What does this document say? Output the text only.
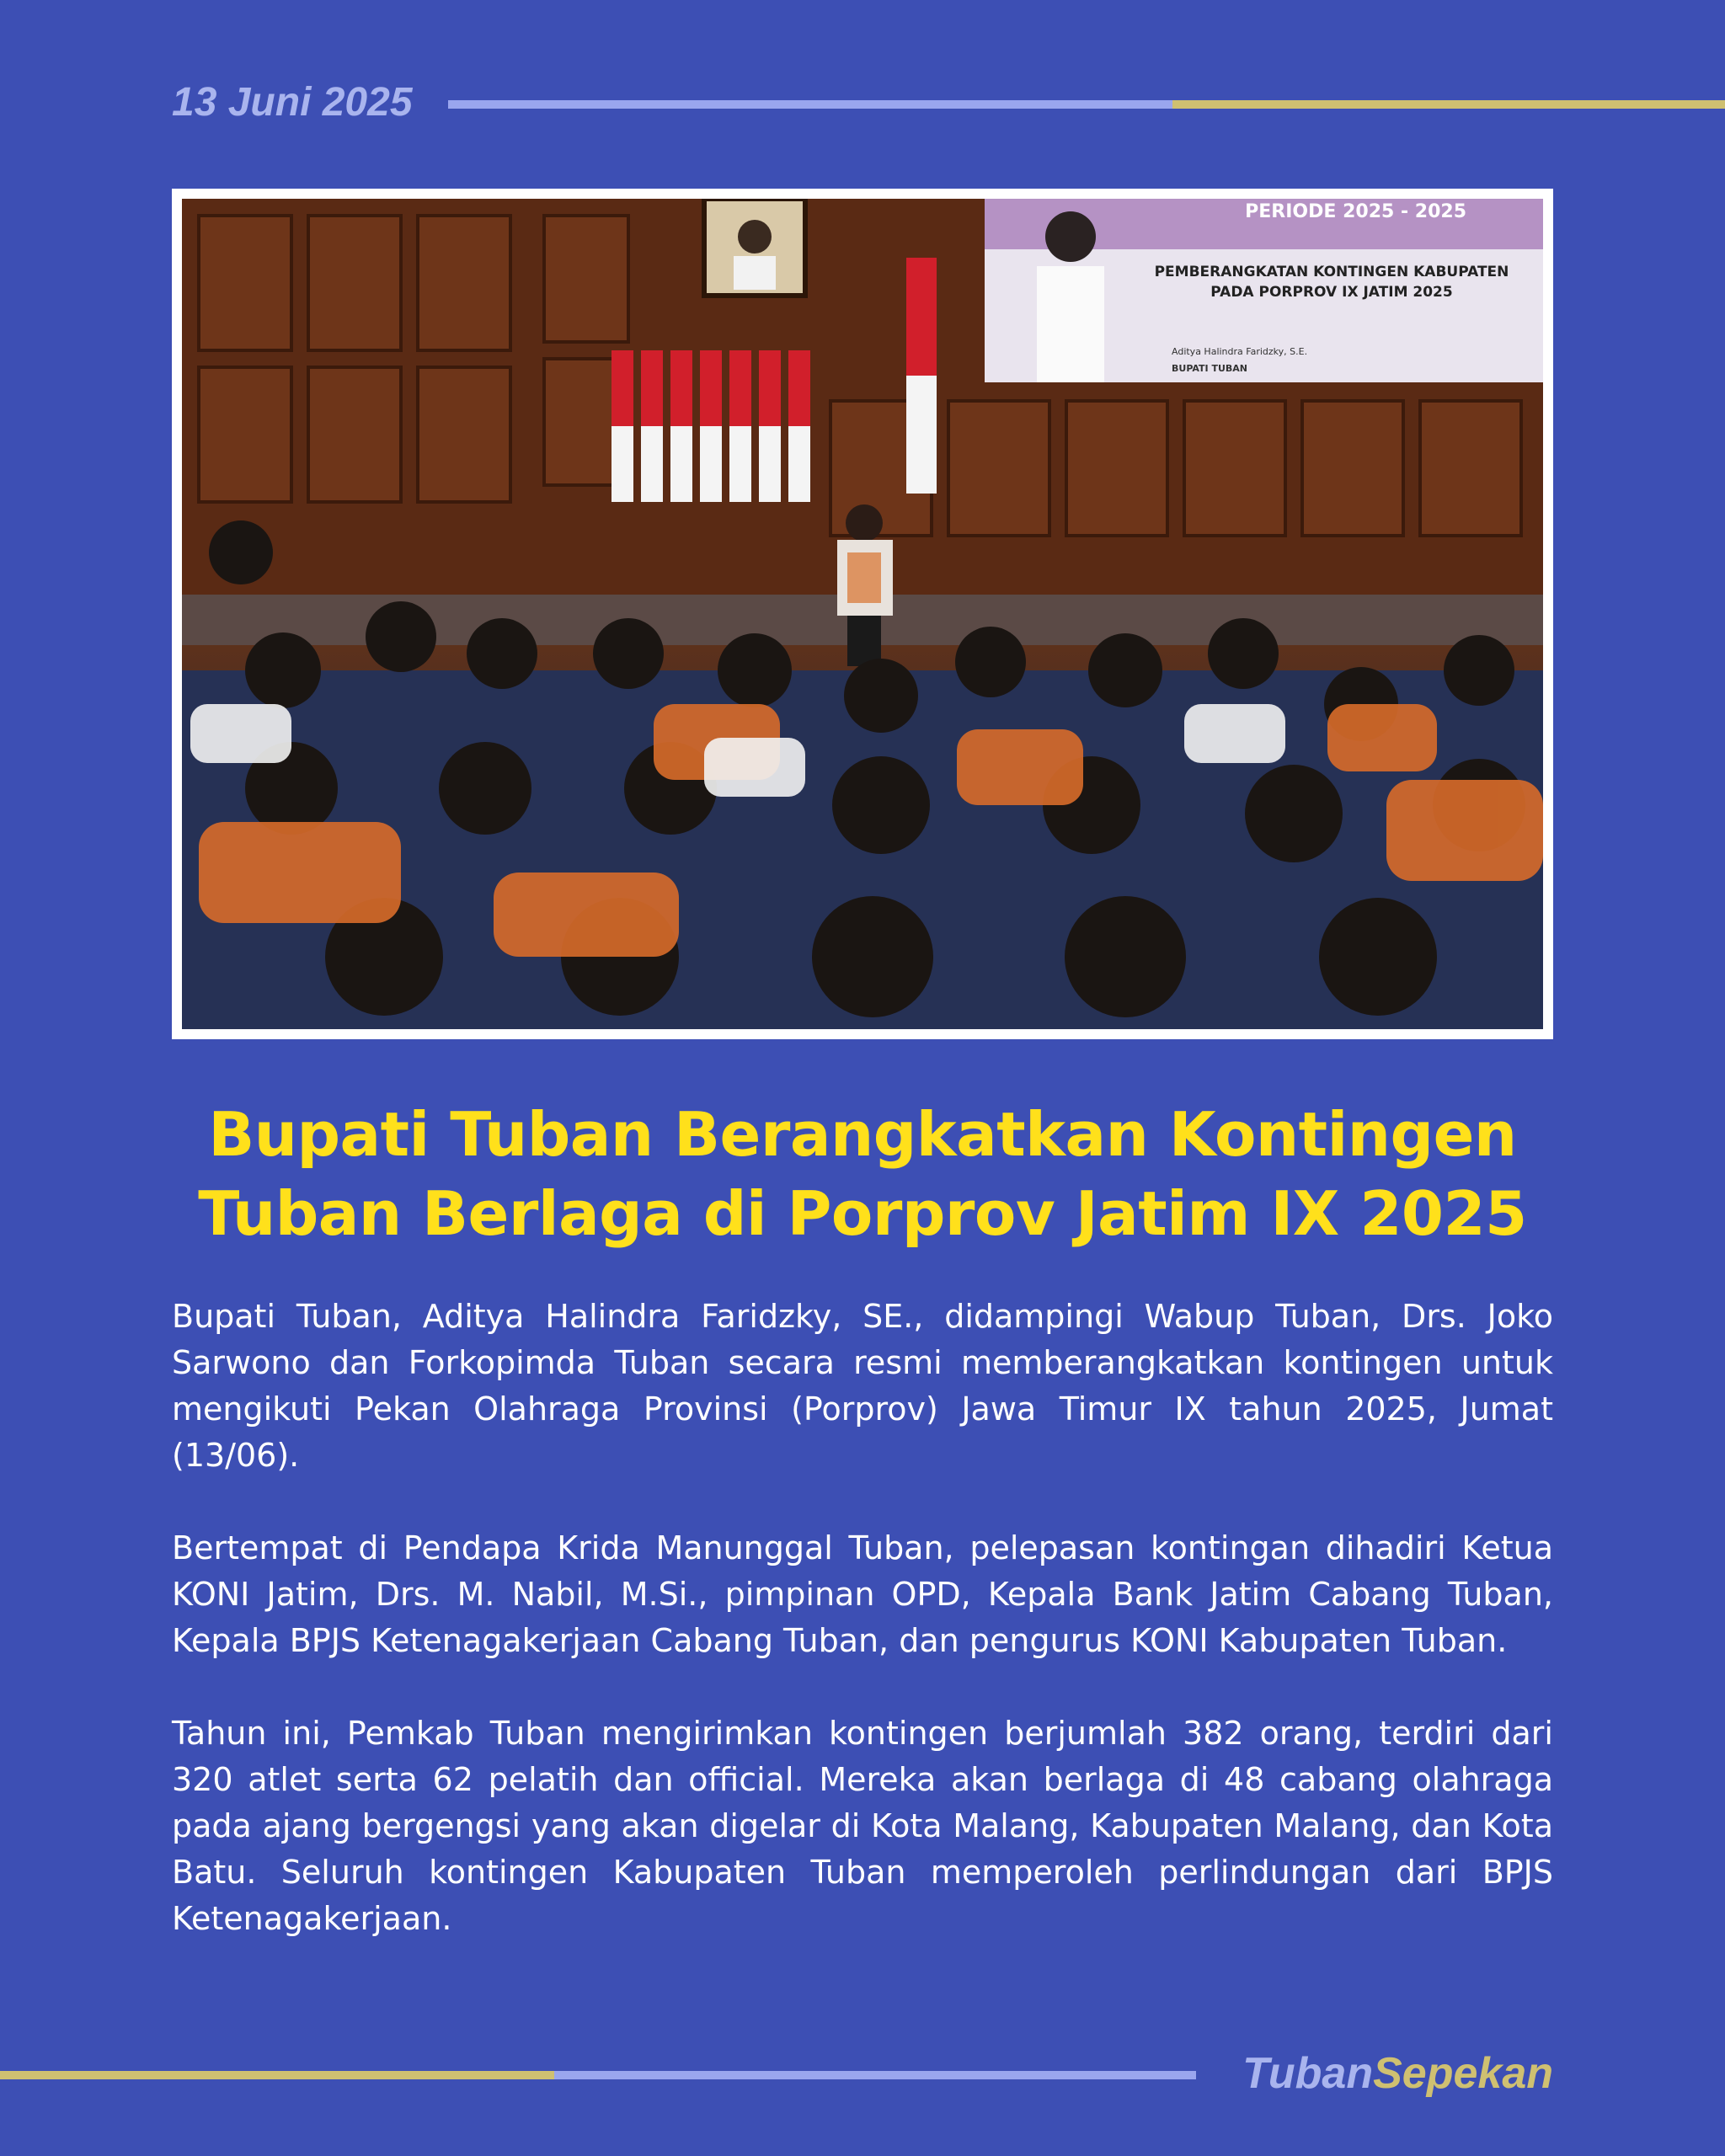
13 Juni 2025
PERIODE 2025 - 2025
PEMBERANGKATAN KONTINGEN KABUPATEN
PADA PORPROV IX JATIM 2025
Aditya Halindra Faridzky, S.E.
BUPATI TUBAN
Bupati Tuban Berangkatkan Kontingen
Tuban Berlaga di Porprov Jatim IX 2025

Bupati Tuban, Aditya Halindra Faridzky, SE., didampingi Wabup Tuban, Drs. Joko Sarwono dan Forkopimda Tuban secara resmi memberangkatkan kontingen untuk mengikuti Pekan Olahraga Provinsi (Porprov) Jawa Timur IX tahun 2025, Jumat (13/06).

Bertempat di Pendapa Krida Manunggal Tuban, pelepasan kontingan dihadiri Ketua KONI Jatim, Drs. M. Nabil, M.Si., pimpinan OPD, Kepala Bank Jatim Cabang Tuban, Kepala BPJS Ketenagakerjaan Cabang Tuban, dan pengurus KONI Kabupaten Tuban.

Tahun ini, Pemkab Tuban mengirimkan kontingen berjumlah 382 orang, terdiri dari 320 atlet serta 62 pelatih dan official. Mereka akan berlaga di 48 cabang olahraga pada ajang bergengsi yang akan digelar di Kota Malang, Kabupaten Malang, dan Kota Batu. Seluruh kontingen Kabupaten Tuban memperoleh perlindungan dari BPJS Ketenagakerjaan.

TubanSepekan
